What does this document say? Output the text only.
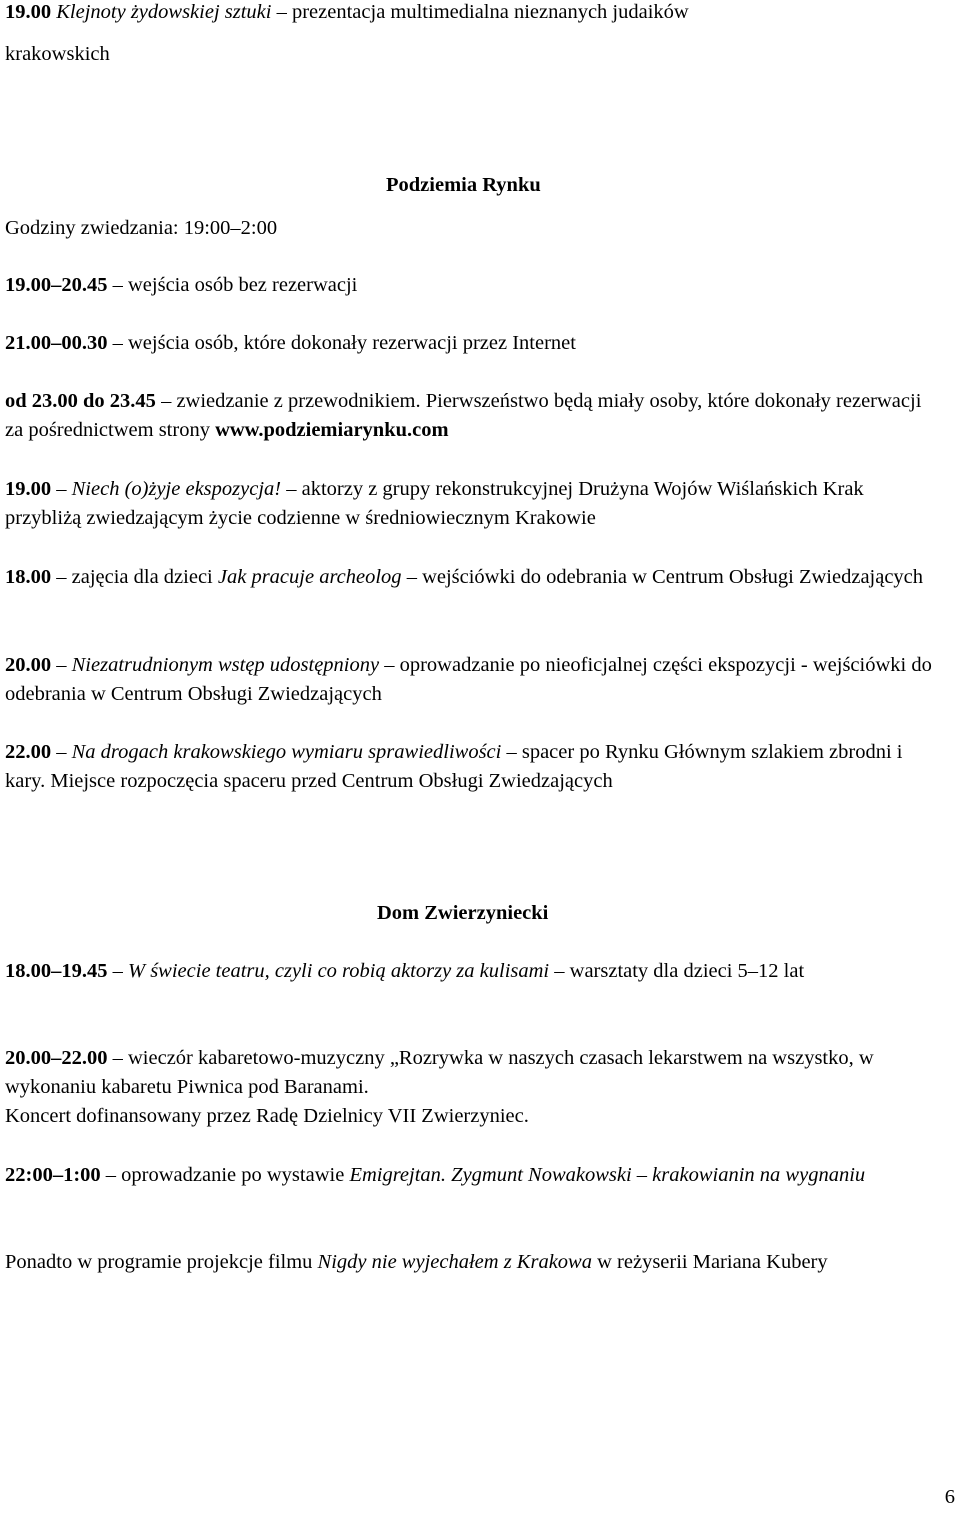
19.00 Klejnoty żydowskiej sztuki – prezentacja multimedialna nieznanych judaików
krakowskich
Podziemia Rynku
Godziny zwiedzania: 19:00–2:00
19.00–20.45 – wejścia osób bez rezerwacji
21.00–00.30 – wejścia osób, które dokonały rezerwacji przez Internet
od 23.00 do 23.45 – zwiedzanie z przewodnikiem. Pierwszeństwo będą miały osoby, które dokonały rezerwacji za pośrednictwem strony www.podziemiarynku.com
19.00 – Niech (o)żyje ekspozycja! – aktorzy z grupy rekonstrukcyjnej Drużyna Wojów Wiślańskich Krak przybliżą zwiedzającym życie codzienne w średniowiecznym Krakowie
18.00 – zajęcia dla dzieci Jak pracuje archeolog – wejściówki do odebrania w Centrum Obsługi Zwiedzających
20.00 – Niezatrudnionym wstęp udostępniony – oprowadzanie po nieoficjalnej części ekspozycji - wejściówki do odebrania w Centrum Obsługi Zwiedzających
22.00 – Na drogach krakowskiego wymiaru sprawiedliwości – spacer po Rynku Głównym szlakiem zbrodni i kary. Miejsce rozpoczęcia spaceru przed Centrum Obsługi Zwiedzających
Dom Zwierzyniecki
18.00–19.45 – W świecie teatru, czyli co robią aktorzy za kulisami – warsztaty dla dzieci 5–12 lat
20.00–22.00 – wieczór kabaretowo-muzyczny „Rozrywka w naszych czasach lekarstwem na wszystko, w wykonaniu kabaretu Piwnica pod Baranami.
Koncert dofinansowany przez Radę Dzielnicy VII Zwierzyniec.
22:00–1:00 – oprowadzanie po wystawie Emigrejtan. Zygmunt Nowakowski – krakowianin na wygnaniu
Ponadto w programie projekcje filmu Nigdy nie wyjechałem z Krakowa w reżyserii Mariana Kubery
6
